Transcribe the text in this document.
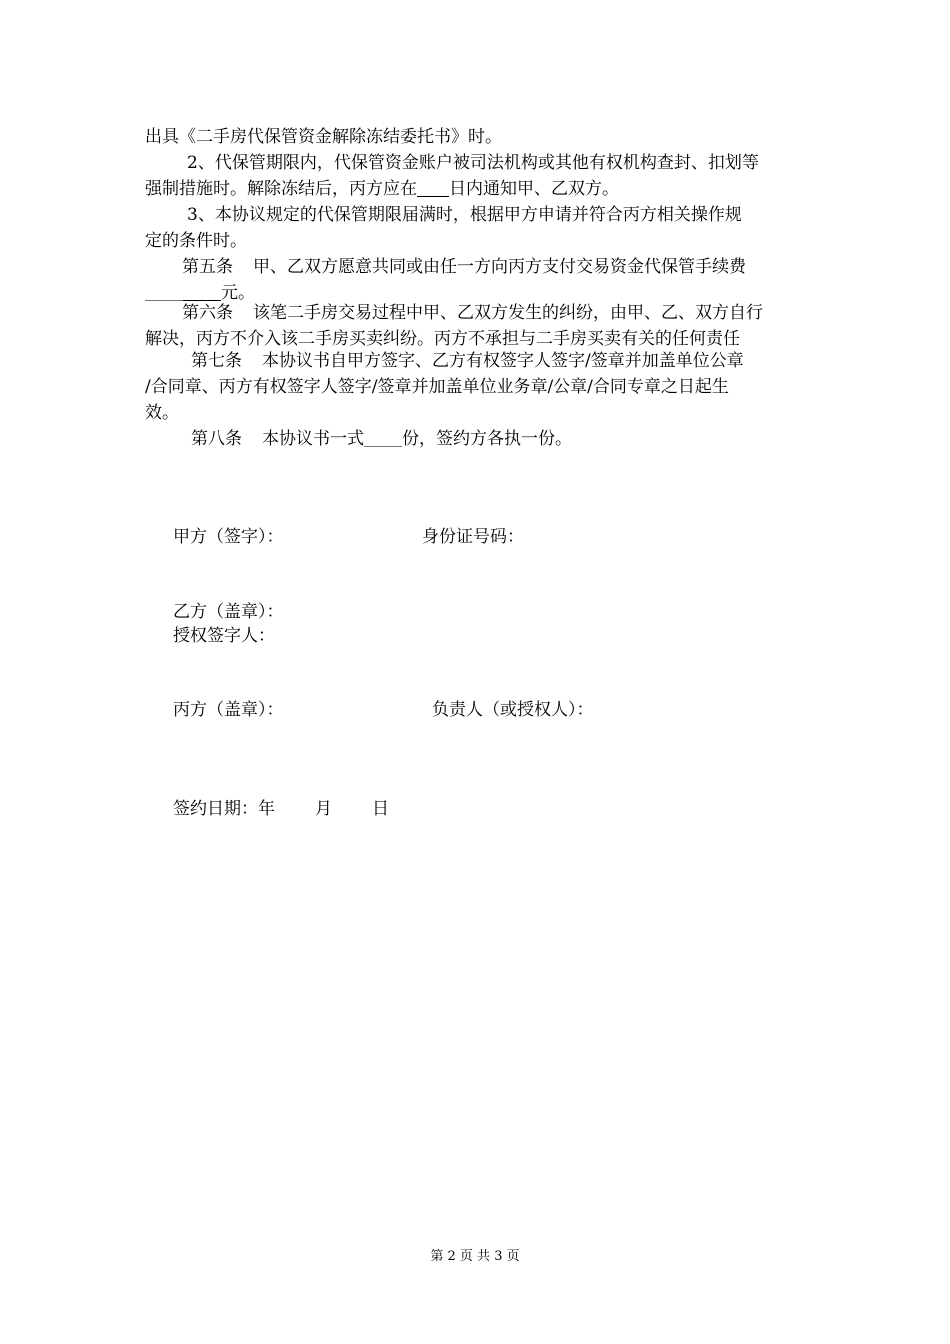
出具《二手房代保管资金解除冻结委托书》时。
2、代保管期限内，代保管资金账户被司法机构或其他有权机构查封、扣划等
强制措施时。解除冻结后，丙方应在 日内通知甲、乙双方。
3、本协议规定的代保管期限届满时，根据甲方申请并符合丙方相关操作规
定的条件时。
第五条 甲、乙双方愿意共同或由任一方向丙方支付交易资金代保管手续费
元。
第六条 该笔二手房交易过程中甲、乙双方发生的纠纷，由甲、乙、双方自行
解决，丙方不介入该二手房买卖纠纷。丙方不承担与二手房买卖有关的任何责任
第七条 本协议书自甲方签字、乙方有权签字人签字/签章并加盖单位公章
/合同章、丙方有权签字人签字/签章并加盖单位业务章/公章/合同专章之日起生
效。
第八条 本协议书一式 份，签约方各执一份。
甲方（签字）：	身份证号码：
乙方（盖章）：
授权签字人：
丙方（盖章）：	负责人（或授权人）：
签约日期：年 月 日
第 2 页 共 3 页
